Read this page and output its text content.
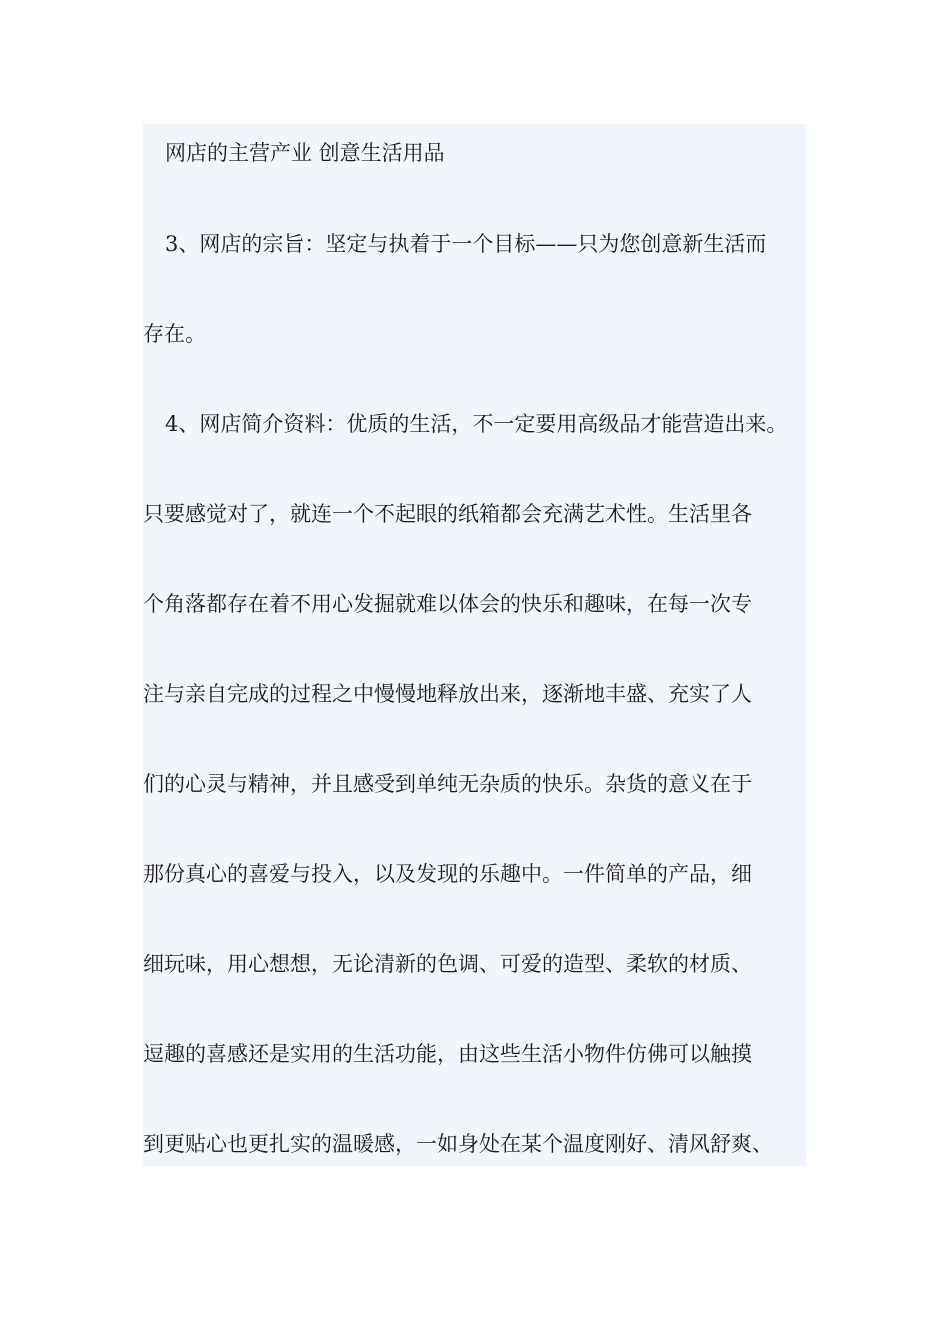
网店的主营产业 创意生活用品
3、网店的宗旨：坚定与执着于一个目标——只为您创意新生活而
存在。
4、网店简介资料：优质的生活，不一定要用高级品才能营造出来。
只要感觉对了，就连一个不起眼的纸箱都会充满艺术性。生活里各
个角落都存在着不用心发掘就难以体会的快乐和趣味，在每一次专
注与亲自完成的过程之中慢慢地释放出来，逐渐地丰盛、充实了人
们的心灵与精神，并且感受到单纯无杂质的快乐。杂货的意义在于
那份真心的喜爱与投入，以及发现的乐趣中。一件简单的产品，细
细玩味，用心想想，无论清新的色调、可爱的造型、柔软的材质、
逗趣的喜感还是实用的生活功能，由这些生活小物件仿佛可以触摸
到更贴心也更扎实的温暖感，一如身处在某个温度刚好、清风舒爽、
